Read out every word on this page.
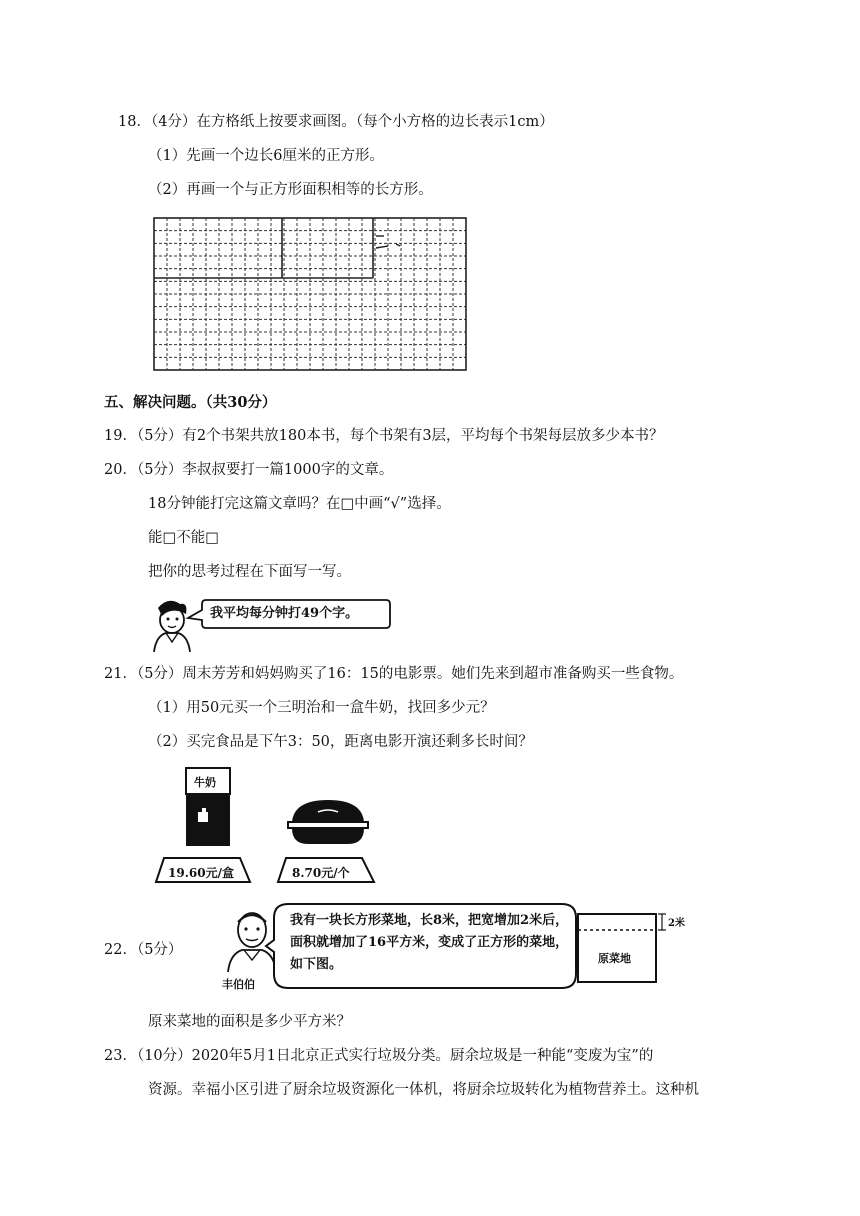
18．（4分）在方格纸上按要求画图。（每个小方格的边长表示1cm）
（1）先画一个边长6厘米的正方形。
（2）再画一个与正方形面积相等的长方形。
五、解决问题。（共30分）
19．（5分）有2个书架共放180本书，每个书架有3层，平均每个书架每层放多少本书？
20．（5分）李叔叔要打一篇1000字的文章。
18分钟能打完这篇文章吗？在□中画“√”选择。
能□不能□
把你的思考过程在下面写一写。
我平均每分钟打49个字。
21．（5分）周末芳芳和妈妈购买了16：15的电影票。她们先来到超市准备购买一些食物。
（1）用50元买一个三明治和一盒牛奶，找回多少元？
（2）买完食品是下午3：50，距离电影开演还剩多长时间？
牛奶
19.60元/盒	8.70元/个
22．（5分）
我有一块长方形菜地，长8米，把宽增加2米后，面积就增加了16平方米，变成了正方形的菜地，如下图。
丰伯伯
原菜地
2米
原来菜地的面积是多少平方米？
23．（10分）2020年5月1日北京正式实行垃圾分类。厨余垃圾是一种能“变废为宝”的
资源。幸福小区引进了厨余垃圾资源化一体机，将厨余垃圾转化为植物营养土。这种机
